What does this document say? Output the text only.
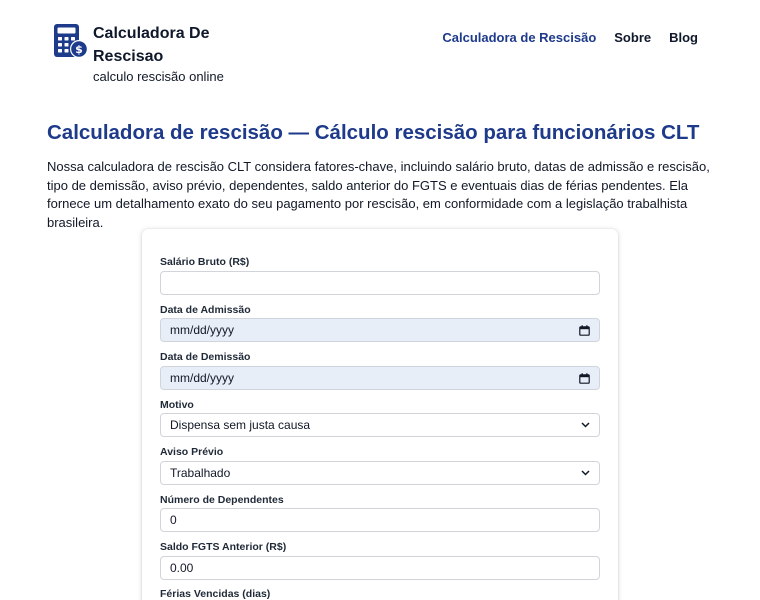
$
Calculadora De Rescisao
calculo rescisão online
Calculadora de Rescisão Sobre Blog
Calculadora de rescisão — Cálculo rescisão para funcionários CLT

Nossa calculadora de rescisão CLT considera fatores-chave, incluindo salário bruto, datas de admissão e rescisão, tipo de demissão, aviso prévio, dependentes, saldo anterior do FGTS e eventuais dias de férias pendentes. Ela fornece um detalhamento exato do seu pagamento por rescisão, em conformidade com a legislação trabalhista brasileira.

Salário Bruto (R$)
Data de Admissão
mm/dd/yyyy
Data de Demissão
mm/dd/yyyy
Motivo
Dispensa sem justa causa
Aviso Prévio
Trabalhado
Número de Dependentes
0
Saldo FGTS Anterior (R$)
0.00
Férias Vencidas (dias)
